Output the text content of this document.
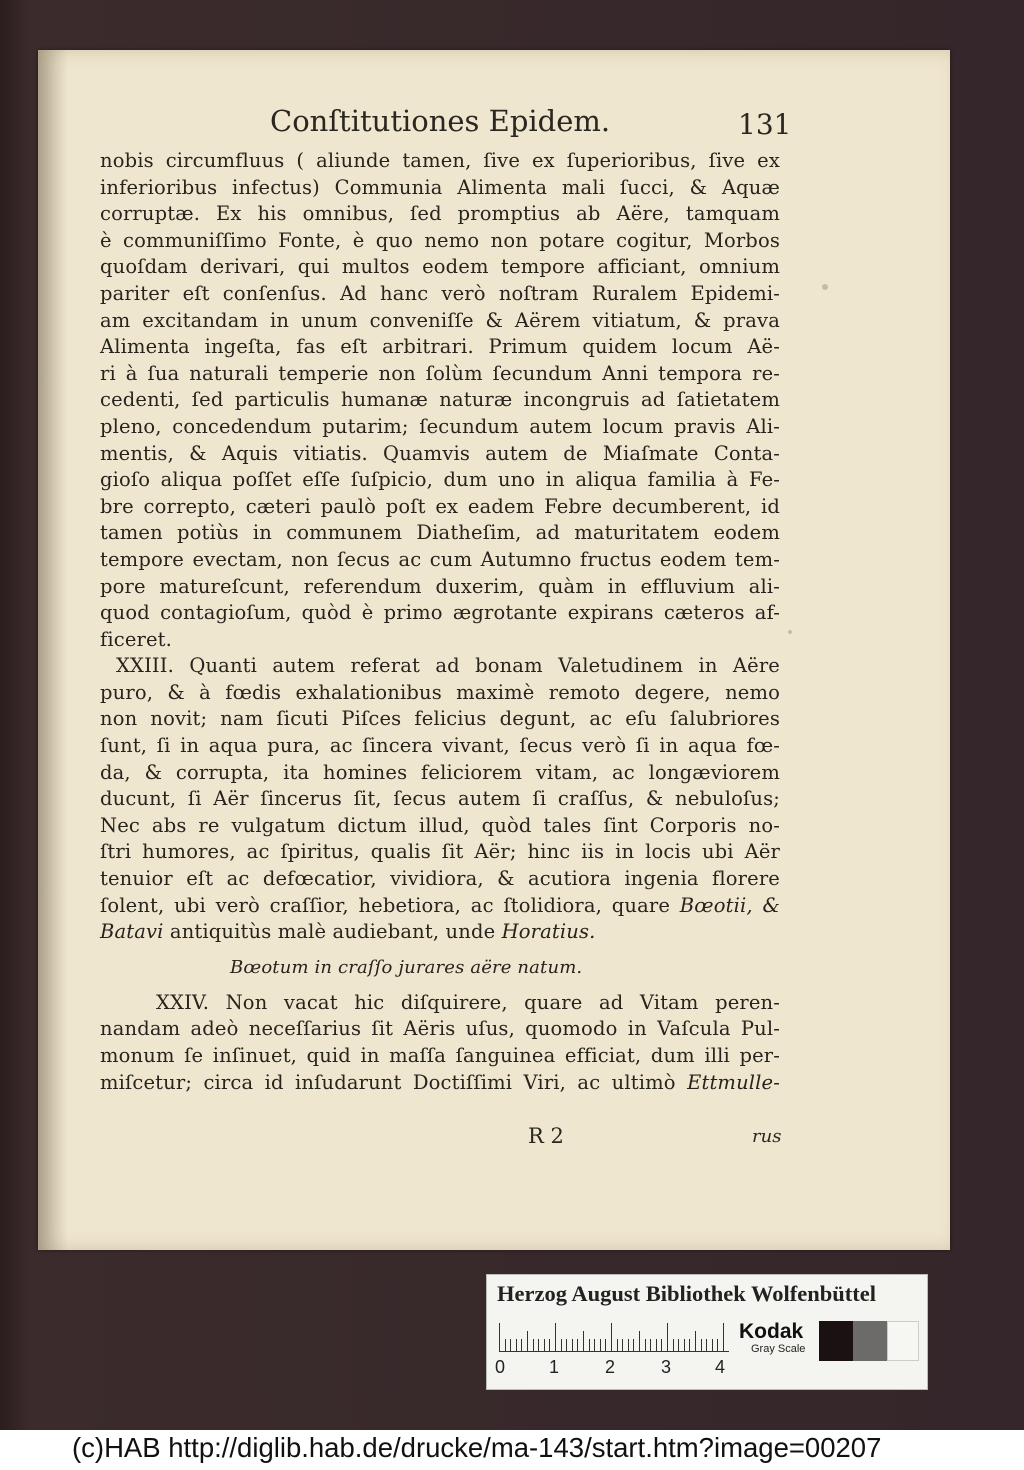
Conſtitutiones Epidem.	131
nobis circumfluus ( aliunde tamen, ſive ex ſuperioribus, ſive ex
inferioribus infectus) Communia Alimenta mali ſucci, & Aquæ
corruptæ. Ex his omnibus, ſed promptius ab Aëre, tamquam
è communiſſimo Fonte, è quo nemo non potare cogitur, Morbos
quoſdam derivari, qui multos eodem tempore afficiant, omnium
pariter eſt conſenſus. Ad hanc verò noſtram Ruralem Epidemi-
am excitandam in unum conveniſſe & Aërem vitiatum, & prava
Alimenta ingeſta, fas eſt arbitrari. Primum quidem locum Aë-
ri à ſua naturali temperie non ſolùm ſecundum Anni tempora re-
cedenti, ſed particulis humanæ naturæ incongruis ad ſatietatem
pleno, concedendum putarim; ſecundum autem locum pravis Ali-
mentis, & Aquis vitiatis. Quamvis autem de Miaſmate Conta-
gioſo aliqua poſſet eſſe ſuſpicio, dum uno in aliqua familia à Fe-
bre correpto, cæteri paulò poſt ex eadem Febre decumberent, id
tamen potiùs in communem Diatheſim, ad maturitatem eodem
tempore evectam, non ſecus ac cum Autumno fructus eodem tem-
pore matureſcunt, referendum duxerim, quàm in effluvium ali-
quod contagioſum, quòd è primo ægrotante expirans cæteros af-
ficeret.
XXIII. Quanti autem referat ad bonam Valetudinem in Aëre
puro, & à fœdis exhalationibus maximè remoto degere, nemo
non novit; nam ſicuti Piſces felicius degunt, ac eſu ſalubriores
ſunt, ſi in aqua pura, ac ſincera vivant, ſecus verò ſi in aqua fœ-
da, & corrupta, ita homines feliciorem vitam, ac longæviorem
ducunt, ſi Aër ſincerus ſit, ſecus autem ſi craſſus, & nebuloſus;
Nec abs re vulgatum dictum illud, quòd tales ſint Corporis no-
ſtri humores, ac ſpiritus, qualis ſit Aër; hinc iis in locis ubi Aër
tenuior eſt ac defœcatior, vividiora, & acutiora ingenia florere
ſolent, ubi verò craſſior, hebetiora, ac ſtolidiora, quare Bœotii, &
Batavi antiquitùs malè audiebant, unde Horatius.
Bœotum in craſſo jurares aëre natum.
XXIV. Non vacat hic diſquirere, quare ad Vitam peren-
nandam adeò neceſſarius ſit Aëris uſus, quomodo in Vaſcula Pul-
monum ſe inſinuet, quid in maſſa ſanguinea efficiat, dum illi per-
miſcetur; circa id inſudarunt Doctiſſimi Viri, ac ultimò Ettmulle-
R 2	rus
Herzog August Bibliothek Wolfenbüttel
0 1	2	3 4
Kodak
Gray Scale
(c)HAB http://diglib.hab.de/drucke/ma-143/start.htm?image=00207
